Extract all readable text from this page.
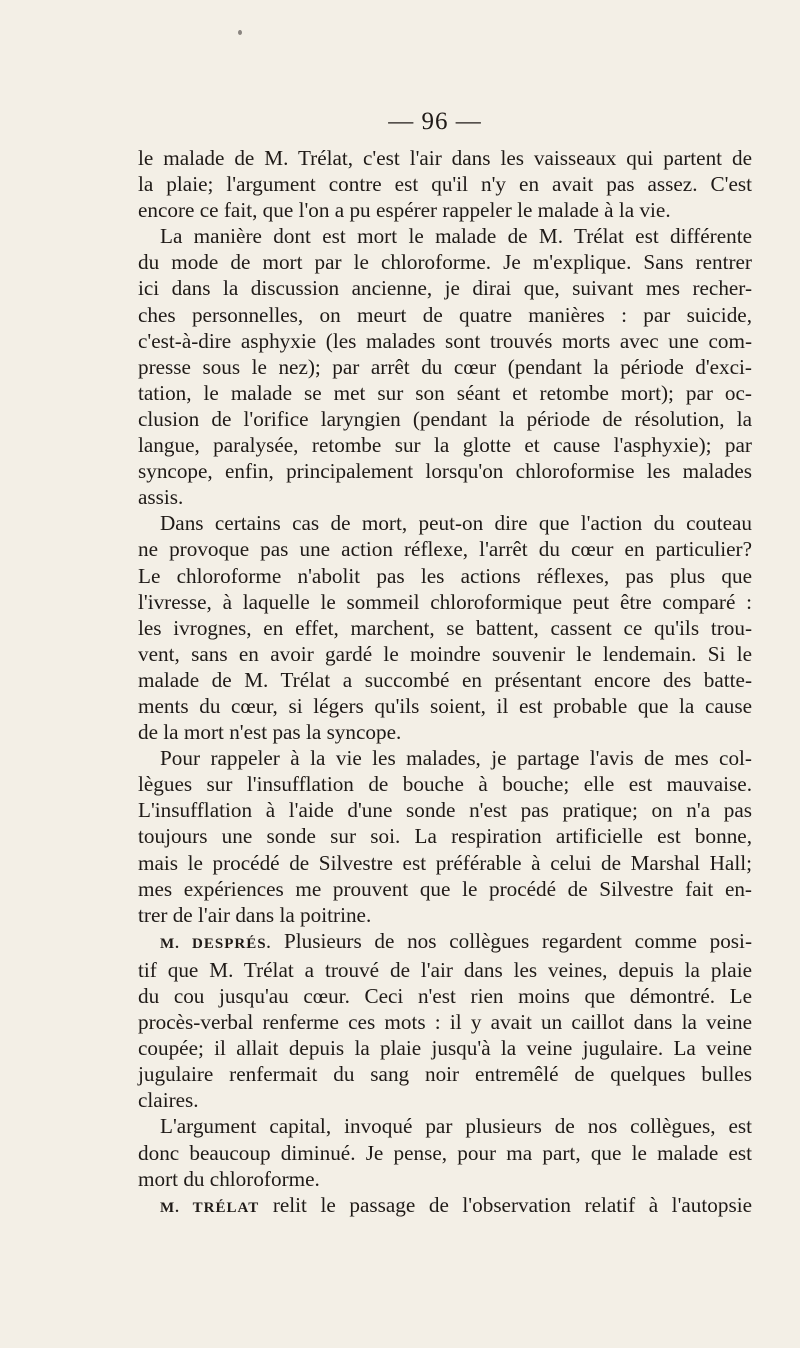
— 96 —
le malade de M. Trélat, c'est l'air dans les vaisseaux qui partent de
la plaie; l'argument contre est qu'il n'y en avait pas assez. C'est
encore ce fait, que l'on a pu espérer rappeler le malade à la vie.
La manière dont est mort le malade de M. Trélat est différente
du mode de mort par le chloroforme. Je m'explique. Sans rentrer
ici dans la discussion ancienne, je dirai que, suivant mes recher-
ches personnelles, on meurt de quatre manières : par suicide,
c'est-à-dire asphyxie (les malades sont trouvés morts avec une com-
presse sous le nez); par arrêt du cœur (pendant la période d'exci-
tation, le malade se met sur son séant et retombe mort); par oc-
clusion de l'orifice laryngien (pendant la période de résolution, la
langue, paralysée, retombe sur la glotte et cause l'asphyxie); par
syncope, enfin, principalement lorsqu'on chloroformise les malades
assis.
Dans certains cas de mort, peut-on dire que l'action du couteau
ne provoque pas une action réflexe, l'arrêt du cœur en particulier?
Le chloroforme n'abolit pas les actions réflexes, pas plus que
l'ivresse, à laquelle le sommeil chloroformique peut être comparé :
les ivrognes, en effet, marchent, se battent, cassent ce qu'ils trou-
vent, sans en avoir gardé le moindre souvenir le lendemain. Si le
malade de M. Trélat a succombé en présentant encore des batte-
ments du cœur, si légers qu'ils soient, il est probable que la cause
de la mort n'est pas la syncope.
Pour rappeler à la vie les malades, je partage l'avis de mes col-
lègues sur l'insufflation de bouche à bouche; elle est mauvaise.
L'insufflation à l'aide d'une sonde n'est pas pratique; on n'a pas
toujours une sonde sur soi. La respiration artificielle est bonne,
mais le procédé de Silvestre est préférable à celui de Marshal Hall;
mes expériences me prouvent que le procédé de Silvestre fait en-
trer de l'air dans la poitrine.
M. DESPRÉS. Plusieurs de nos collègues regardent comme posi-
tif que M. Trélat a trouvé de l'air dans les veines, depuis la plaie
du cou jusqu'au cœur. Ceci n'est rien moins que démontré. Le
procès-verbal renferme ces mots : il y avait un caillot dans la veine
coupée; il allait depuis la plaie jusqu'à la veine jugulaire. La veine
jugulaire renfermait du sang noir entremêlé de quelques bulles
claires.
L'argument capital, invoqué par plusieurs de nos collègues, est
donc beaucoup diminué. Je pense, pour ma part, que le malade est
mort du chloroforme.
M. TRÉLAT relit le passage de l'observation relatif à l'autopsie
